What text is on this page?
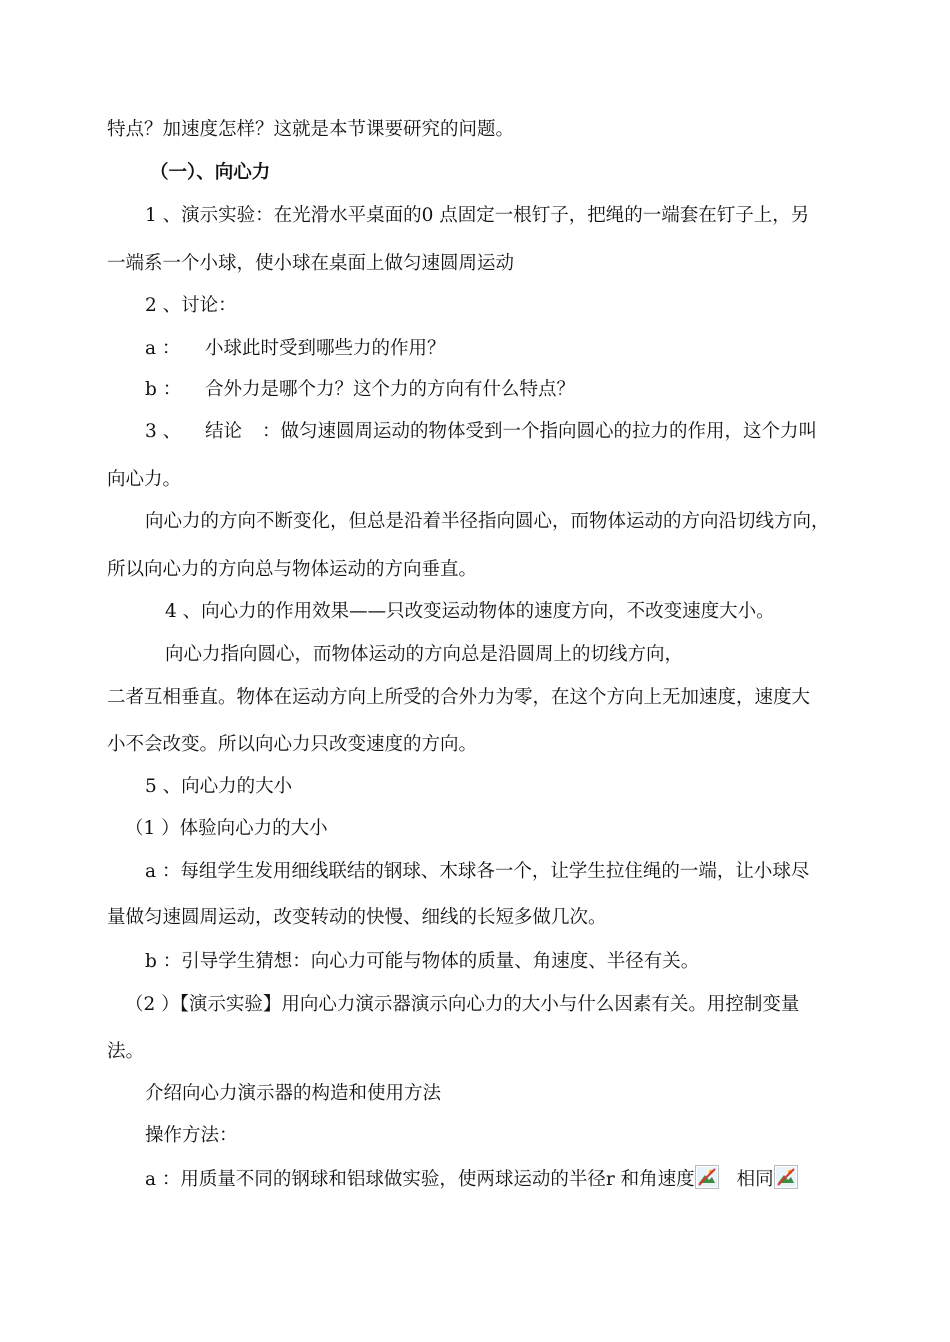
特点？加速度怎样？这就是本节课要研究的问题。
（一）、向心力
1 、演示实验：在光滑水平桌面的0 点固定一根钉子，把绳的一端套在钉子上，另
一端系一个小球，使小球在桌面上做匀速圆周运动
2 、讨论：
a ： 小球此时受到哪些力的作用？
b ： 合外力是哪个力？这个力的方向有什么特点？
3 、 结论 ：做匀速圆周运动的物体受到一个指向圆心的拉力的作用，这个力叫
向心力。
向心力的方向不断变化，但总是沿着半径指向圆心，而物体运动的方向沿切线方向，
所以向心力的方向总与物体运动的方向垂直。
4 、向心力的作用效果——只改变运动物体的速度方向，不改变速度大小。
向心力指向圆心，而物体运动的方向总是沿圆周上的切线方向，
二者互相垂直。物体在运动方向上所受的合外力为零，在这个方向上无加速度，速度大
小不会改变。所以向心力只改变速度的方向。
5 、向心力的大小
（1 ）体验向心力的大小
a ：每组学生发用细线联结的钢球、木球各一个，让学生拉住绳的一端，让小球尽
量做匀速圆周运动，改变转动的快慢、细线的长短多做几次。
b ：引导学生猜想：向心力可能与物体的质量、角速度、半径有关。
（2 ）【演示实验】用向心力演示器演示向心力的大小与什么因素有关。用控制变量
法。
介绍向心力演示器的构造和使用方法
操作方法：
a ：用质量不同的钢球和铝球做实验，使两球运动的半径r 和角速度 相同
